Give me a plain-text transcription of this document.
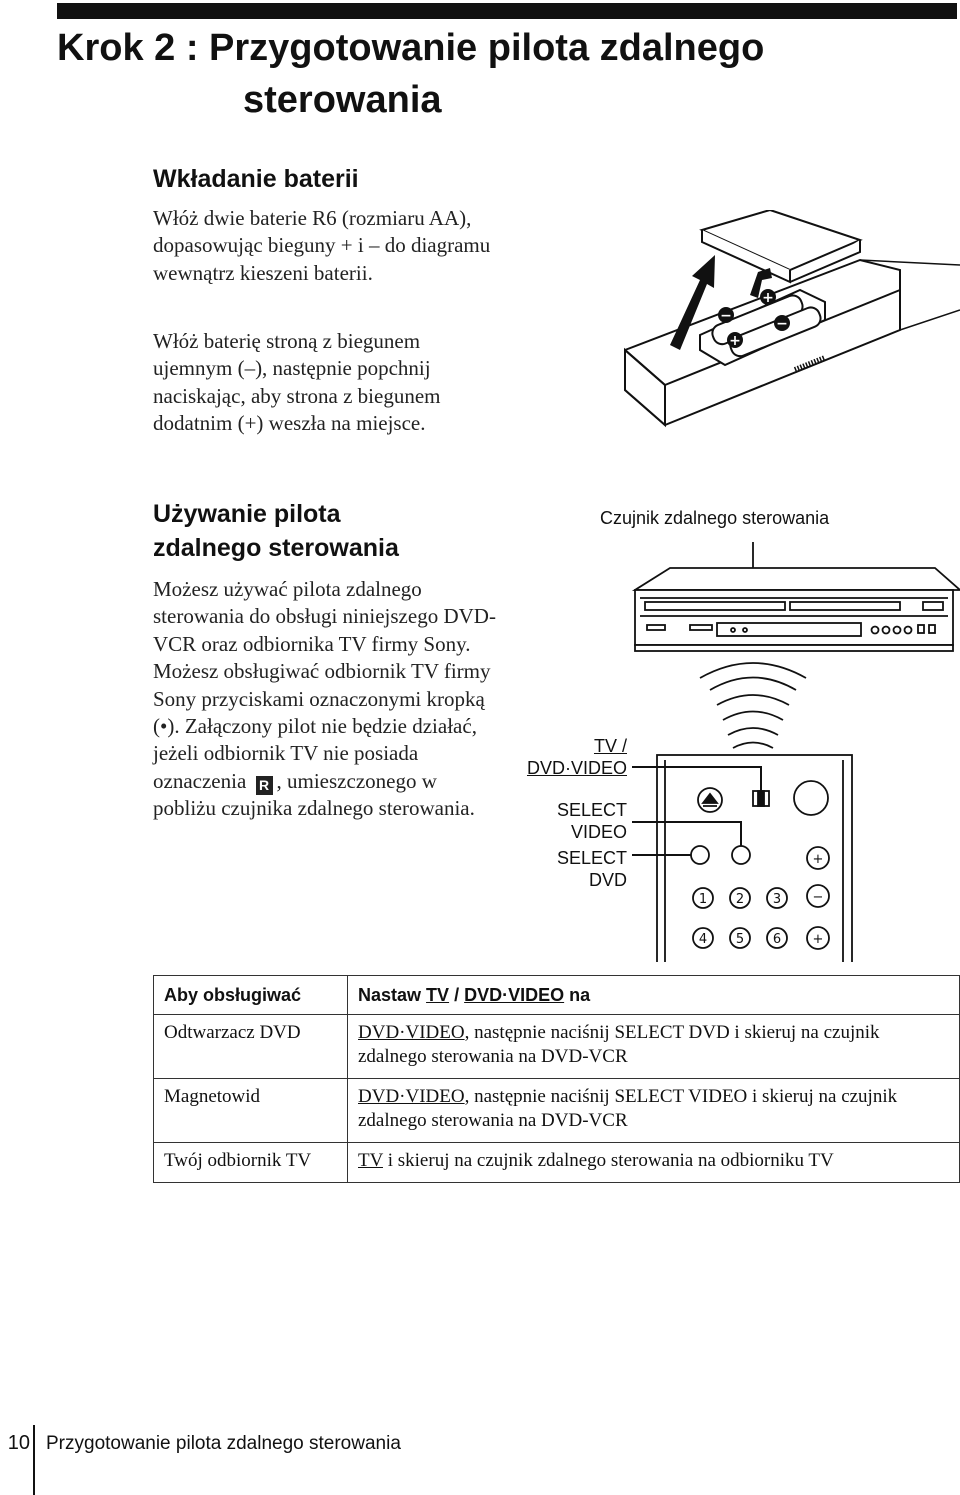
Krok 2 : Przygotowanie pilota zdalnego
sterowania
Wkładanie baterii

Włóż dwie baterie R6 (rozmiaru AA), dopasowując bieguny + i – do diagramu wewnątrz kieszeni baterii.

Włóż baterię stroną z biegunem ujemnym (–), następnie popchnij naciskając, aby strona z biegunem dodatnim (+) weszła na miejsce.

−
+
+
−
Używanie pilota
zdalnego sterowania

Możesz używać pilota zdalnego sterowania do obsługi niniejszego DVD-VCR oraz odbiornika TV firmy Sony. Możesz obsługiwać odbiornik TV firmy Sony przyciskami oznaczonymi kropką (•). Załączony pilot nie będzie działać, jeżeli odbiornik TV nie posiada oznaczenia R , umieszczonego w pobliżu czujnika zdalnego sterowania.

Czujnik zdalnego sterowania
+
−
+
1 2 3
4 5 6
TV /
DVD·VIDEO
SELECT
VIDEO
SELECT
DVD
Aby obsługiwać	Nastaw TV / DVD·VIDEO na
Odtwarzacz DVD	DVD·VIDEO, następnie naciśnij SELECT DVD i skieruj na czujnik zdalnego sterowania na DVD-VCR
Magnetowid	DVD·VIDEO, następnie naciśnij SELECT VIDEO i skieruj na czujnik zdalnego sterowania na DVD-VCR
Twój odbiornik TV	TV i skieruj na czujnik zdalnego sterowania na odbiorniku TV
10 Przygotowanie pilota zdalnego sterowania
